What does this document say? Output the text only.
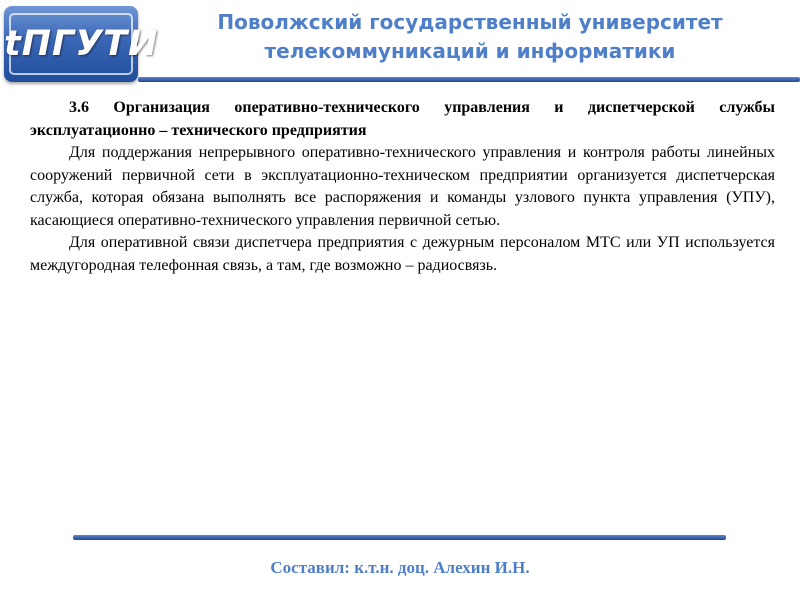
tПГУТИ
Поволжский государственный университет
телекоммуникаций и информатики

3.6 Организация оперативно-технического управления и диспетчерской службы эксплуатационно – технического предприятия

Для поддержания непрерывного оперативно-технического управления и контроля работы линейных сооружений первичной сети в эксплуатационно-техническом предприятии организуется диспетчерская служба, которая обязана выполнять все распоряжения и команды узлового пункта управления (УПУ), касающиеся оперативно-технического управления первичной сетью.

Для оперативной связи диспетчера предприятия с дежурным персоналом МТС или УП используется междугородная телефонная связь, а там, где возможно – радиосвязь.

Составил: к.т.н. доц. Алехин И.Н.
